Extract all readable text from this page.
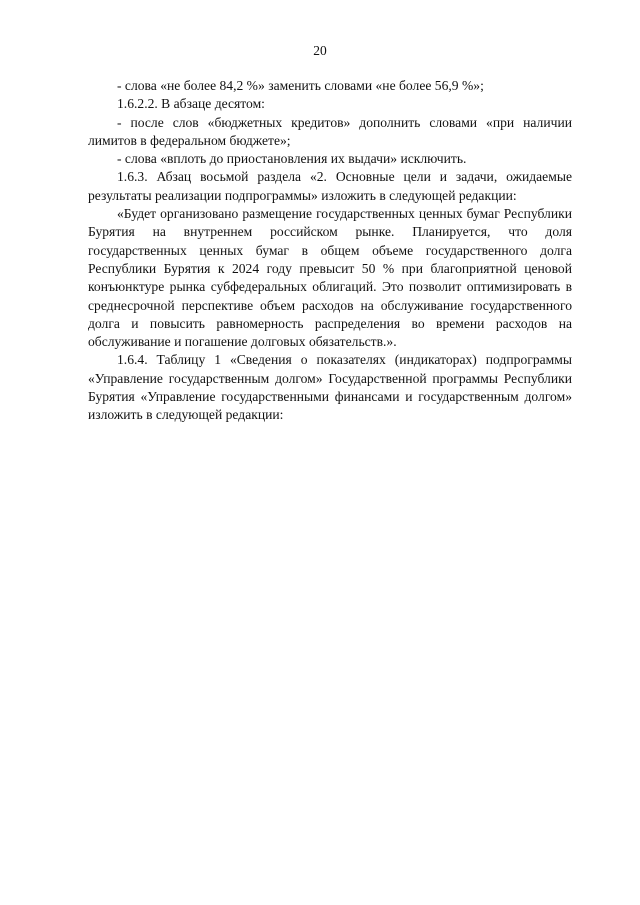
20

- слова «не более 84,2 %» заменить словами «не более 56,9 %»;

1.6.2.2. В абзаце десятом:

- после слов «бюджетных кредитов» дополнить словами «при наличии лимитов в федеральном бюджете»;

- слова «вплоть до приостановления их выдачи» исключить.

1.6.3. Абзац восьмой раздела «2. Основные цели и задачи, ожидаемые результаты реализации подпрограммы» изложить в следующей редакции:

«Будет организовано размещение государственных ценных бумаг Республики Бурятия на внутреннем российском рынке. Планируется, что доля государственных ценных бумаг в общем объеме государственного долга Республики Бурятия к 2024 году превысит 50 % при благоприятной ценовой конъюнктуре рынка субфедеральных облигаций. Это позволит оптимизировать в среднесрочной перспективе объем расходов на обслуживание государственного долга и повысить равномерность распределения во времени расходов на обслуживание и погашение долговых обязательств.».

1.6.4. Таблицу 1 «Сведения о показателях (индикаторах) подпрограммы «Управление государственным долгом» Государственной программы Республики Бурятия «Управление государственными финансами и государственным долгом» изложить в следующей редакции:
